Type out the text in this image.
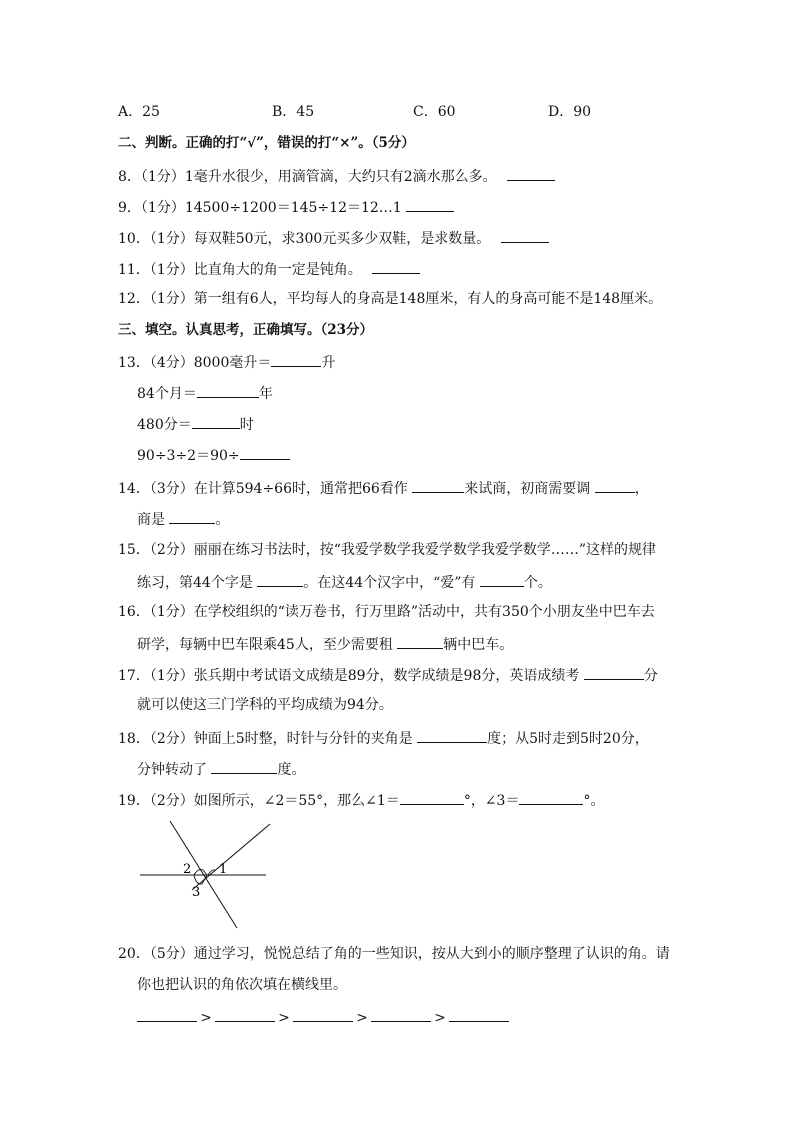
A．25	B．45	C．60	D．90
二、判断。正确的打“√”，错误的打“×”。（5分）
8．（1分）1毫升水很少，用滴管滴，大约只有2滴水那么多。
9．（1分）14500÷1200＝145÷12＝12…1
10．（1分）每双鞋50元，求300元买多少双鞋，是求数量。
11．（1分）比直角大的角一定是钝角。
12．（1分）第一组有6人，平均每人的身高是148厘米，有人的身高可能不是148厘米。
三、填空。认真思考，正确填写。（23分）
13．（4分）8000毫升＝	升
84个月＝	年
480分＝	时
90÷3÷2＝90÷
14．（3分）在计算594÷66时，通常把66看作	来试商，初商需要调	，
商是	。
15．（2分）丽丽在练习书法时，按“我爱学数学我爱学数学我爱学数学……”这样的规律
练习，第44个字是	。在这44个汉字中，“爱”有	个。
16．（1分）在学校组织的“读万卷书，行万里路”活动中，共有350个小朋友坐中巴车去
研学，每辆中巴车限乘45人，至少需要租	辆中巴车。
17．（1分）张兵期中考试语文成绩是89分，数学成绩是98分，英语成绩考	分
就可以使这三门学科的平均成绩为94分。
18．（2分）钟面上5时整，时针与分针的夹角是	度；从5时走到5时20分，
分钟转动了	度。
19．（2分）如图所示，∠2＝55°，那么∠1＝	°，∠3＝	°。
1
2
3
20．（5分）通过学习，悦悦总结了角的一些知识，按从大到小的顺序整理了认识的角。请
你也把认识的角依次填在横线里。
>	>	>	>
